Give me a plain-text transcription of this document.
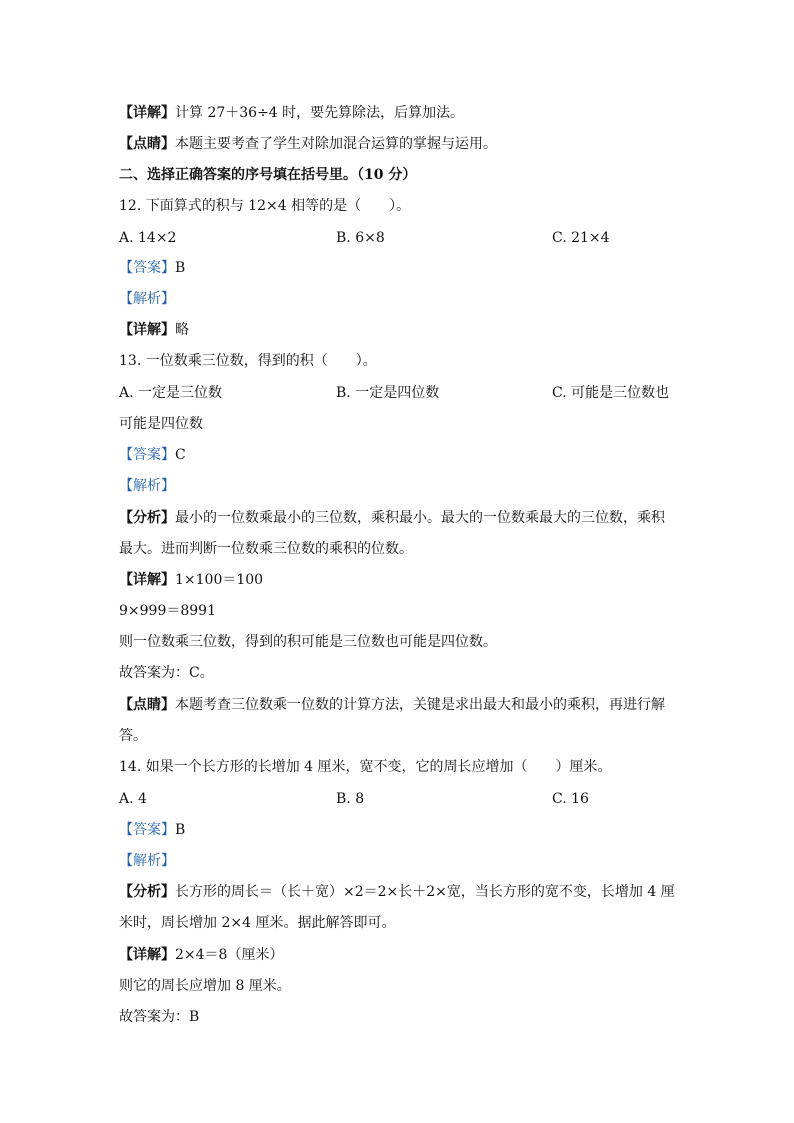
【详解】计算 27＋36÷4 时，要先算除法，后算加法。
【点睛】本题主要考查了学生对除加混合运算的掌握与运用。
二、选择正确答案的序号填在括号里。（10 分）
12. 下面算式的积与 12×4 相等的是（　　）。
A. 14×2	B. 6×8	C. 21×4
【答案】B
【解析】
【详解】略
13. 一位数乘三位数，得到的积（　　）。
A. 一定是三位数	B. 一定是四位数	C. 可能是三位数也
可能是四位数
【答案】C
【解析】
【分析】最小的一位数乘最小的三位数，乘积最小。最大的一位数乘最大的三位数，乘积
最大。进而判断一位数乘三位数的乘积的位数。
【详解】1×100＝100
9×999＝8991
则一位数乘三位数，得到的积可能是三位数也可能是四位数。
故答案为：C。
【点睛】本题考查三位数乘一位数的计算方法，关键是求出最大和最小的乘积，再进行解
答。
14. 如果一个长方形的长增加 4 厘米，宽不变，它的周长应增加（　　）厘米。
A. 4	B. 8	C. 16
【答案】B
【解析】
【分析】长方形的周长＝（长＋宽）×2＝2×长＋2×宽，当长方形的宽不变，长增加 4 厘
米时，周长增加 2×4 厘米。据此解答即可。
【详解】2×4＝8（厘米）
则它的周长应增加 8 厘米。
故答案为：B
